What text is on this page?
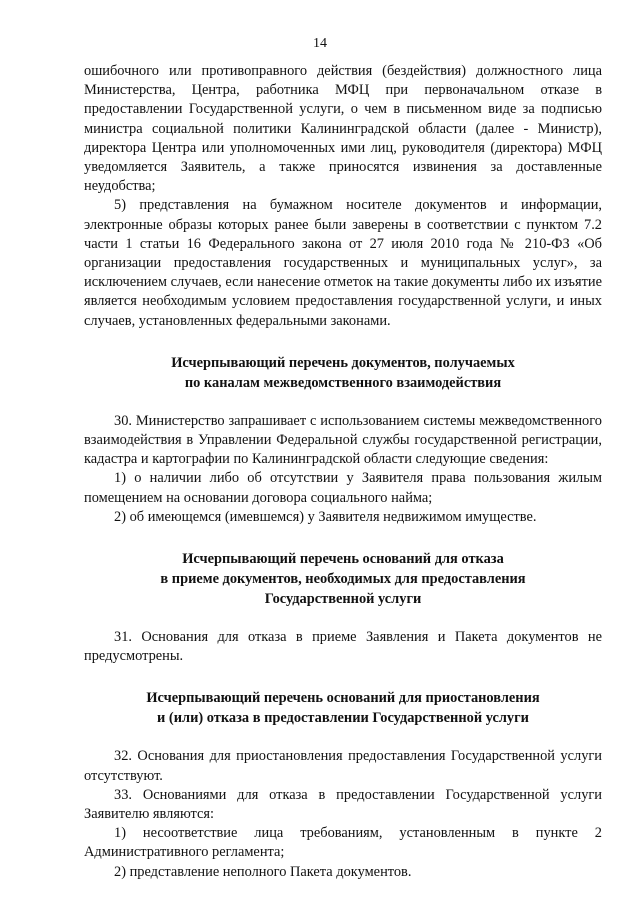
14

ошибочного или противоправного действия (бездействия) должностного лица Министерства, Центра, работника МФЦ при первоначальном отказе в предоставлении Государственной услуги, о чем в письменном виде за подписью министра социальной политики Калининградской области (далее - Министр), директора Центра или уполномоченных ими лиц, руководителя (директора) МФЦ уведомляется Заявитель, а также приносятся извинения за доставленные неудобства;

5) представления на бумажном носителе документов и информации, электронные образы которых ранее были заверены в соответствии с пунктом 7.2 части 1 статьи 16 Федерального закона от 27 июля 2010 года № 210-ФЗ «Об организации предоставления государственных и муниципальных услуг», за исключением случаев, если нанесение отметок на такие документы либо их изъятие является необходимым условием предоставления государственной услуги, и иных случаев, установленных федеральными законами.

Исчерпывающий перечень документов, получаемых

по каналам межведомственного взаимодействия

30. Министерство запрашивает с использованием системы межведомственного взаимодействия в Управлении Федеральной службы государственной регистрации, кадастра и картографии по Калининградской области следующие сведения:

1) о наличии либо об отсутствии у Заявителя права пользования жилым помещением на основании договора социального найма;

2) об имеющемся (имевшемся) у Заявителя недвижимом имуществе.

Исчерпывающий перечень оснований для отказа

в приеме документов, необходимых для предоставления

Государственной услуги

31. Основания для отказа в приеме Заявления и Пакета документов не предусмотрены.

Исчерпывающий перечень оснований для приостановления

и (или) отказа в предоставлении Государственной услуги

32. Основания для приостановления предоставления Государственной услуги отсутствуют.

33. Основаниями для отказа в предоставлении Государственной услуги Заявителю являются:

1) несоответствие лица требованиям, установленным в пункте 2 Административного регламента;

2) представление неполного Пакета документов.
